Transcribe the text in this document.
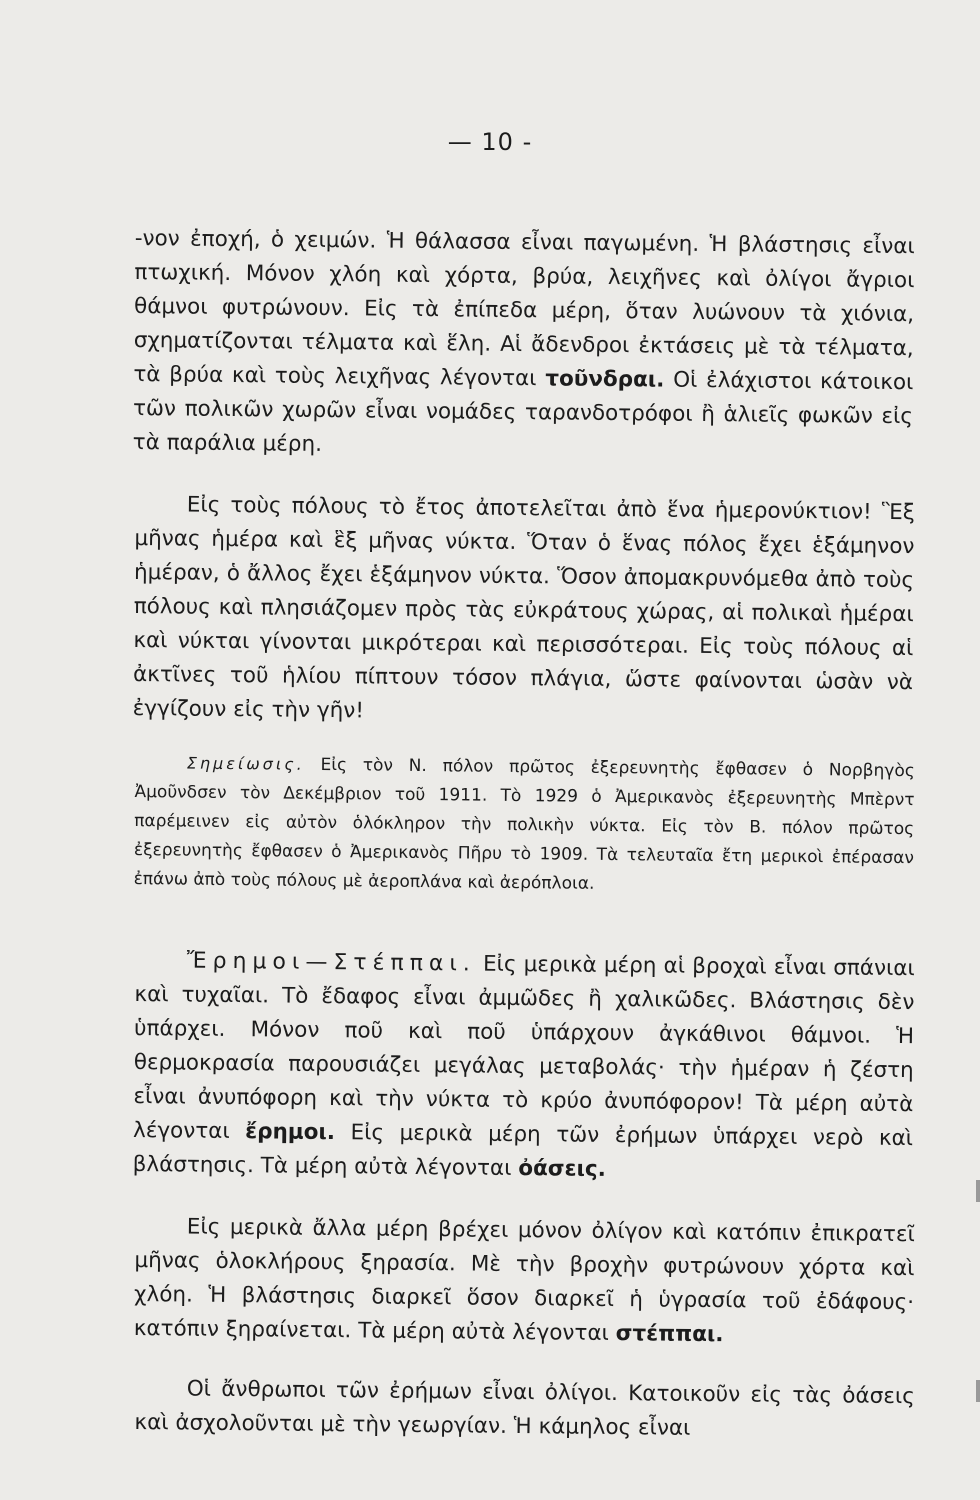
— 10 -

-νον ἐποχή, ὁ χειμών. Ἡ θάλασσα εἶναι παγωμένη. Ἡ βλάστησις εἶναι πτωχική. Μόνον χλόη καὶ χόρτα, βρύα, λειχῆνες καὶ ὀλίγοι ἄγριοι θάμνοι φυτρώνουν. Εἰς τὰ ἐπίπεδα μέρη, ὅταν λυώνουν τὰ χιόνια, σχηματίζονται τέλματα καὶ ἕλη. Αἱ ἄδενδροι ἐκτάσεις μὲ τὰ τέλματα, τὰ βρύα καὶ τοὺς λειχῆνας λέγονται τοῦνδραι. Οἱ ἐλάχιστοι κάτοικοι τῶν πολικῶν χωρῶν εἶναι νομάδες ταρανδοτρόφοι ἢ ἁλιεῖς φωκῶν εἰς τὰ παράλια μέρη.

Εἰς τοὺς πόλους τὸ ἔτος ἀποτελεῖται ἀπὸ ἕνα ἡμερονύκτιον! Ἓξ μῆνας ἡμέρα καὶ ἓξ μῆνας νύκτα. Ὅταν ὁ ἕνας πόλος ἔχει ἑξάμηνον ἡμέραν, ὁ ἄλλος ἔχει ἑξάμηνον νύκτα. Ὅσον ἀπομακρυνόμεθα ἀπὸ τοὺς πόλους καὶ πλησιάζομεν πρὸς τὰς εὐκράτους χώρας, αἱ πολικαὶ ἡμέραι καὶ νύκται γίνονται μικρότεραι καὶ περισσότεραι. Εἰς τοὺς πόλους αἱ ἀκτῖνες τοῦ ἡλίου πίπτουν τόσον πλάγια, ὥστε φαίνονται ὡσὰν νὰ ἐγγίζουν εἰς τὴν γῆν!

Σημείωσις. Εἰς τὸν Ν. πόλον πρῶτος ἐξερευνητὴς ἔφθασεν ὁ Νορβηγὸς Ἀμοῦνδσεν τὸν Δεκέμβριον τοῦ 1911. Τὸ 1929 ὁ Ἀμερικανὸς ἐξερευνητὴς Μπὲρντ παρέμεινεν εἰς αὐτὸν ὁλόκληρον τὴν πολικὴν νύκτα. Εἰς τὸν Β. πόλον πρῶτος ἐξερευνητὴς ἔφθασεν ὁ Ἀμερικανὸς Πῆρυ τὸ 1909. Τὰ τελευταῖα ἔτη μερικοὶ ἐπέρασαν ἐπάνω ἀπὸ τοὺς πόλους μὲ ἀεροπλάνα καὶ ἀερόπλοια.

Ἔρημοι—Στέππαι. Εἰς μερικὰ μέρη αἱ βροχαὶ εἶναι σπάνιαι καὶ τυχαῖαι. Τὸ ἔδαφος εἶναι ἀμμῶδες ἢ χαλικῶδες. Βλάστησις δὲν ὑπάρχει. Μόνον ποῦ καὶ ποῦ ὑπάρχουν ἀγκάθινοι θάμνοι. Ἡ θερμοκρασία παρουσιάζει μεγάλας μεταβολάς· τὴν ἡμέραν ἡ ζέστη εἶναι ἀνυπόφορη καὶ τὴν νύκτα τὸ κρύο ἀνυπόφορον! Τὰ μέρη αὐτὰ λέγονται ἔρημοι. Εἰς μερικὰ μέρη τῶν ἐρήμων ὑπάρχει νερὸ καὶ βλάστησις. Τὰ μέρη αὐτὰ λέγονται ὀάσεις.

Εἰς μερικὰ ἄλλα μέρη βρέχει μόνον ὀλίγον καὶ κατόπιν ἐπικρατεῖ μῆνας ὁλοκλήρους ξηρασία. Μὲ τὴν βροχὴν φυτρώνουν χόρτα καὶ χλόη. Ἡ βλάστησις διαρκεῖ ὅσον διαρκεῖ ἡ ὑγρασία τοῦ ἐδάφους· κατόπιν ξηραίνεται. Τὰ μέρη αὐτὰ λέγονται στέππαι.

Οἱ ἄνθρωποι τῶν ἐρήμων εἶναι ὀλίγοι. Κατοικοῦν εἰς τὰς ὀάσεις καὶ ἀσχολοῦνται μὲ τὴν γεωργίαν. Ἡ κάμηλος εἶναι
